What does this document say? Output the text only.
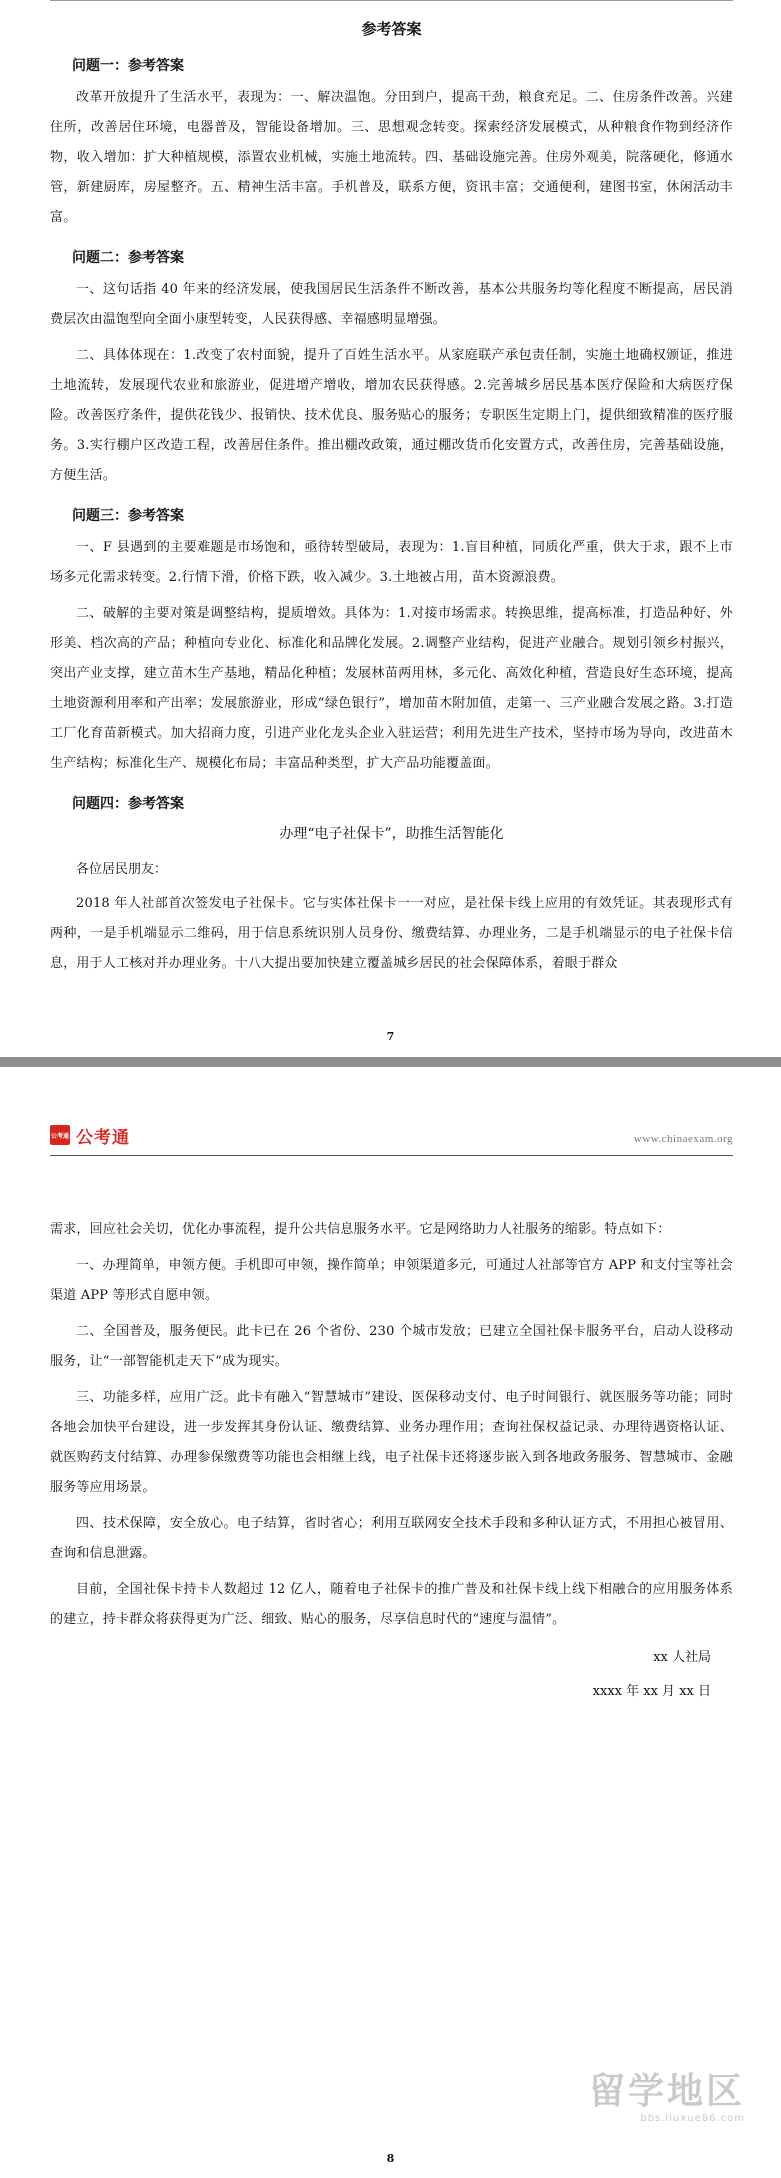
参考答案
问题一：参考答案

改革开放提升了生活水平，表现为：一、解决温饱。分田到户，提高干劲，粮食充足。二、住房条件改善。兴建住所，改善居住环境，电器普及，智能设备增加。三、思想观念转变。探索经济发展模式，从种粮食作物到经济作物，收入增加：扩大种植规模，添置农业机械，实施土地流转。四、基础设施完善。住房外观美，院落硬化，修通水管，新建厨库，房屋整齐。五、精神生活丰富。手机普及，联系方便，资讯丰富；交通便利，建图书室，休闲活动丰富。

问题二：参考答案

一、这句话指 40 年来的经济发展，使我国居民生活条件不断改善，基本公共服务均等化程度不断提高，居民消费层次由温饱型向全面小康型转变，人民获得感、幸福感明显增强。

二、具体体现在：1.改变了农村面貌，提升了百姓生活水平。从家庭联产承包责任制，实施土地确权颁证，推进土地流转，发展现代农业和旅游业，促进增产增收，增加农民获得感。2.完善城乡居民基本医疗保险和大病医疗保险。改善医疗条件，提供花钱少、报销快、技术优良、服务贴心的服务；专职医生定期上门，提供细致精准的医疗服务。3.实行棚户区改造工程，改善居住条件。推出棚改政策，通过棚改货币化安置方式，改善住房，完善基础设施，方便生活。

问题三：参考答案

一、F 县遇到的主要难题是市场饱和，亟待转型破局，表现为：1.盲目种植，同质化严重，供大于求，跟不上市场多元化需求转变。2.行情下滑，价格下跌，收入减少。3.土地被占用，苗木资源浪费。

二、破解的主要对策是调整结构，提质增效。具体为：1.对接市场需求。转换思维，提高标准，打造品种好、外形美、档次高的产品；种植向专业化、标准化和品牌化发展。2.调整产业结构，促进产业融合。规划引领乡村振兴，突出产业支撑，建立苗木生产基地，精品化种植；发展林苗两用林，多元化、高效化种植，营造良好生态环境，提高土地资源利用率和产出率；发展旅游业，形成“绿色银行”，增加苗木附加值，走第一、三产业融合发展之路。3.打造工厂化育苗新模式。加大招商力度，引进产业化龙头企业入驻运营；利用先进生产技术，坚持市场为导向，改进苗木生产结构；标准化生产、规模化布局；丰富品种类型，扩大产品功能覆盖面。

问题四：参考答案
办理“电子社保卡”，助推生活智能化
各位居民朋友：

2018 年人社部首次签发电子社保卡。它与实体社保卡一一对应，是社保卡线上应用的有效凭证。其表现形式有两种，一是手机端显示二维码，用于信息系统识别人员身份、缴费结算、办理业务，二是手机端显示的电子社保卡信息，用于人工核对并办理业务。十八大提出要加快建立覆盖城乡居民的社会保障体系，着眼于群众

7
公考通 公考通	www.chinaexam.org

需求，回应社会关切，优化办事流程，提升公共信息服务水平。它是网络助力人社服务的缩影。特点如下：

一、办理简单，申领方便。手机即可申领，操作简单；申领渠道多元，可通过人社部等官方 APP 和支付宝等社会渠道 APP 等形式自愿申领。

二、全国普及，服务便民。此卡已在 26 个省份、230 个城市发放；已建立全国社保卡服务平台，启动人设移动服务，让“一部智能机走天下”成为现实。

三、功能多样，应用广泛。此卡有融入“智慧城市”建设、医保移动支付、电子时间银行、就医服务等功能；同时各地会加快平台建设，进一步发挥其身份认证、缴费结算、业务办理作用；查询社保权益记录、办理待遇资格认证、就医购药支付结算、办理参保缴费等功能也会相继上线，电子社保卡还将逐步嵌入到各地政务服务、智慧城市、金融服务等应用场景。

四、技术保障，安全放心。电子结算，省时省心；利用互联网安全技术手段和多种认证方式，不用担心被冒用、查询和信息泄露。

目前，全国社保卡持卡人数超过 12 亿人，随着电子社保卡的推广普及和社保卡线上线下相融合的应用服务体系的建立，持卡群众将获得更为广泛、细致、贴心的服务，尽享信息时代的“速度与温情”。

xx 人社局
xxxx 年 xx 月 xx 日
留学地区
bbs.liuxue86.com
8
